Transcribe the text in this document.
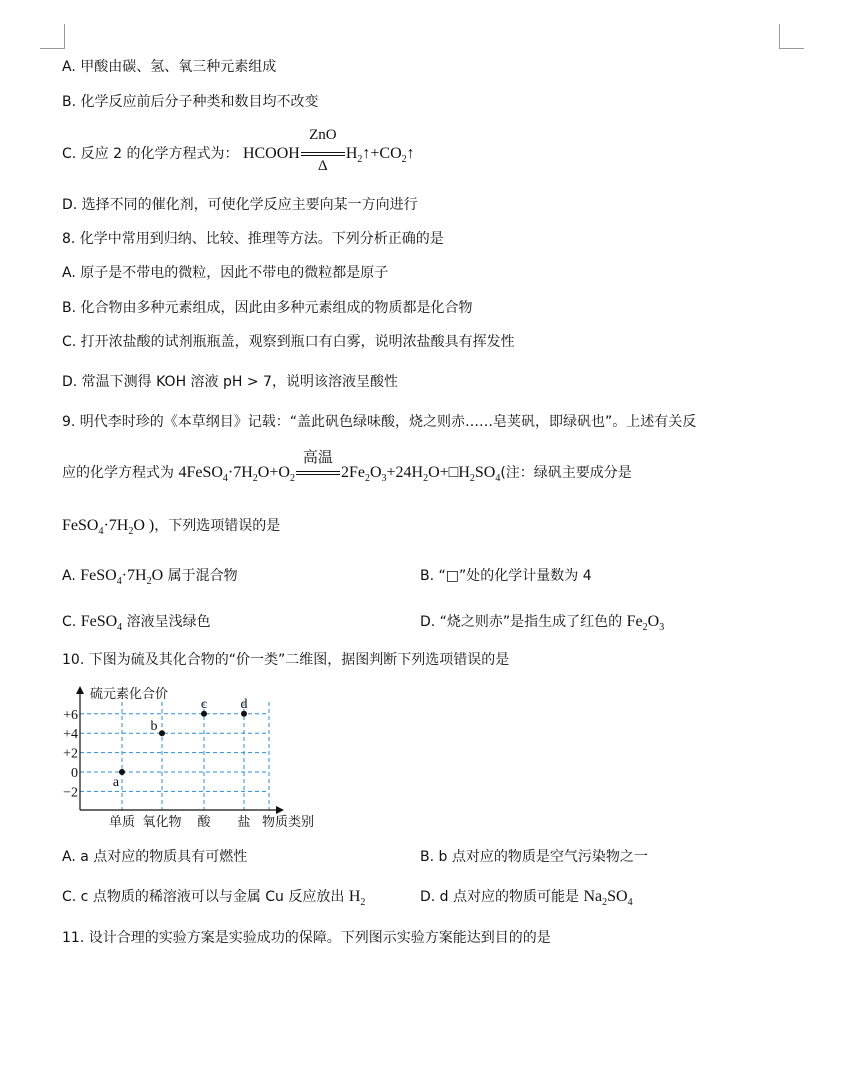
A. 甲酸由碳、氢、氧三种元素组成
B. 化学反应前后分子种类和数目均不改变
C. 反应 2 的化学方程式为： HCOOH
ZnO
Δ
$H_2↑+CO_2↑$
D. 选择不同的催化剂，可使化学反应主要向某一方向进行
8. 化学中常用到归纳、比较、推理等方法。下列分析正确的是
A. 原子是不带电的微粒，因此不带电的微粒都是原子
B. 化合物由多种元素组成，因此由多种元素组成的物质都是化合物
C. 打开浓盐酸的试剂瓶瓶盖，观察到瓶口有白雾，说明浓盐酸具有挥发性
D. 常温下测得 KOH 溶液 pH > 7，说明该溶液呈酸性
9. 明代李时珍的《本草纲目》记载：“盖此矾色绿味酸，烧之则赤……皂荚矾，即绿矾也”。上述有关反
应的化学方程式为 $4FeSO_4\cdot 7H_2O+O_2$
高温
$2Fe_2O_3+24H_2O+□H_2SO_4$(注：绿矾主要成分是
$FeSO_4\cdot 7H_2O$ )，下列选项错误的是
A. $FeSO_4\cdot 7H_2O$ 属于混合物	B. “□”处的化学计量数为 4
C. FeSO$_4$ 溶液呈浅绿色	D. “烧之则赤”是指生成了红色的 $Fe_2O_3$
10. 下图为硫及其化合物的“价一类”二维图，据图判断下列选项错误的是
硫元素化合价
物质类别
+6
+4
+2
0
−2
单质 氧化物 酸 盐
a
b
c d
A. a 点对应的物质具有可燃性	B. b 点对应的物质是空气污染物之一
C. c 点物质的稀溶液可以与金属 Cu 反应放出 $H_2$	D. d 点对应的物质可能是 $Na_2SO_4$
11. 设计合理的实验方案是实验成功的保障。下列图示实验方案能达到目的的是
